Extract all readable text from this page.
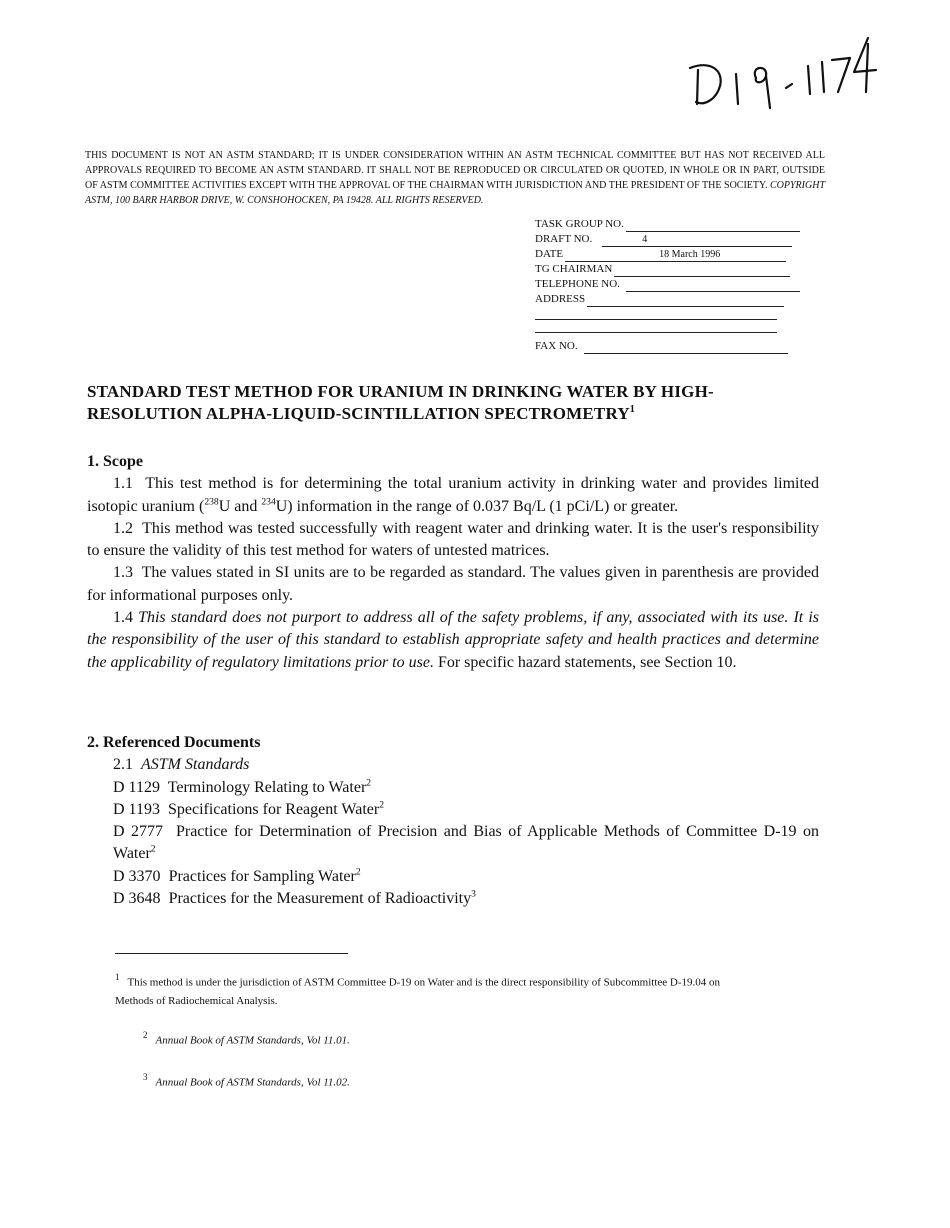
THIS DOCUMENT IS NOT AN ASTM STANDARD; IT IS UNDER CONSIDERATION WITHIN AN ASTM TECHNICAL COMMITTEE BUT HAS NOT RECEIVED ALL APPROVALS REQUIRED TO BECOME AN ASTM STANDARD. IT SHALL NOT BE REPRODUCED OR CIRCULATED OR QUOTED, IN WHOLE OR IN PART, OUTSIDE OF ASTM COMMITTEE ACTIVITIES EXCEPT WITH THE APPROVAL OF THE CHAIRMAN WITH JURISDICTION AND THE PRESIDENT OF THE SOCIETY. COPYRIGHT ASTM, 100 BARR HARBOR DRIVE, W. CONSHOHOCKEN, PA 19428. ALL RIGHTS RESERVED.
TASK GROUP NO.
DRAFT NO.	4
DATE	18 March 1996
TG CHAIRMAN
TELEPHONE NO.
ADDRESS
FAX NO.
STANDARD TEST METHOD FOR URANIUM IN DRINKING WATER BY HIGH-RESOLUTION ALPHA-LIQUID-SCINTILLATION SPECTROMETRY$^1$
1. Scope
1.1 This test method is for determining the total uranium activity in drinking water and provides limited isotopic uranium ($^{238}$U and $^{234}$U) information in the range of 0.037 Bq/L (1 pCi/L) or greater.
1.2 This method was tested successfully with reagent water and drinking water. It is the user's responsibility to ensure the validity of this test method for waters of untested matrices.
1.3 The values stated in SI units are to be regarded as standard. The values given in parenthesis are provided for informational purposes only.
1.4 This standard does not purport to address all of the safety problems, if any, associated with its use. It is the responsibility of the user of this standard to establish appropriate safety and health practices and determine the applicability of regulatory limitations prior to use. For specific hazard statements, see Section 10.
2. Referenced Documents
2.1 ASTM Standards
D 1129 Terminology Relating to Water$^2$
D 1193 Specifications for Reagent Water$^2$
D 2777 Practice for Determination of Precision and Bias of Applicable Methods of Committee D-19 on Water$^2$
D 3370 Practices for Sampling Water$^2$
D 3648 Practices for the Measurement of Radioactivity$^3$
$^1$ This method is under the jurisdiction of ASTM Committee D-19 on Water and is the direct responsibility of Subcommittee D-19.04 on Methods of Radiochemical Analysis.
$^2$ Annual Book of ASTM Standards, Vol 11.01.
$^3$ Annual Book of ASTM Standards, Vol 11.02.
